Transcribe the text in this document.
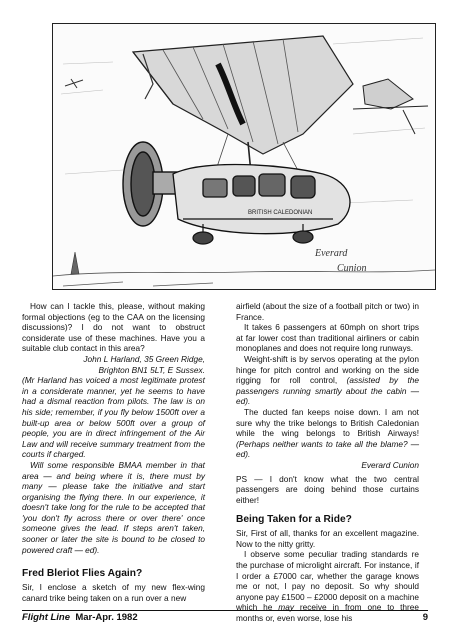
BRITISH CALEDONIAN
Everard
Cunion

How can I tackle this, please, without making formal objections (eg to the CAA on the licensing discussions)? I do not want to obstruct considerate use of these machines. Have you a suitable club contact in this area?

John L Harland, 35 Green Ridge,

Brighton BN1 5LT, E Sussex.

(Mr Harland has voiced a most legitimate protest in a considerate manner, yet he seems to have had a dismal reaction from pilots. The law is on his side; remember, if you fly below 1500ft over a built-up area or below 500ft over a group of people, you are in direct infringement of the Air Law and will receive summary treatment from the courts if charged.

Will some responsible BMAA member in that area — and being where it is, there must by many — please take the initiative and start organising the flying there. In our experience, it doesn't take long for the rule to be accepted that 'you don't fly across there or over there' once someone gives the lead. If steps aren't taken, sooner or later the site is bound to be closed to powered craft — ed).

Fred Bleriot Flies Again?

Sir, I enclose a sketch of my new flex-wing canard trike being taken on a run over a new

airfield (about the size of a football pitch or two) in France.

It takes 6 passengers at 60mph on short trips at far lower cost than traditional airliners or cabin monoplanes and does not require long runways.

Weight-shift is by servos operating at the pylon hinge for pitch control and working on the side rigging for roll control, (assisted by the passengers running smartly about the cabin — ed).

The ducted fan keeps noise down. I am not sure why the trike belongs to British Caledonian while the wing belongs to British Airways! (Perhaps neither wants to take all the blame? — ed).

Everard Cunion

PS — I don't know what the two central passengers are doing behind those curtains either!

Being Taken for a Ride?

Sir, First of all, thanks for an excellent magazine. Now to the nitty gritty.

I observe some peculiar trading standards re the purchase of microlight aircraft. For instance, if I order a £7000 car, whether the garage knows me or not, I pay no deposit. So why should anyone pay £1500 – £2000 deposit on a machine which he may receive in from one to three months or, even worse, lose his

Flight Line Mar-Apr. 1982	9
